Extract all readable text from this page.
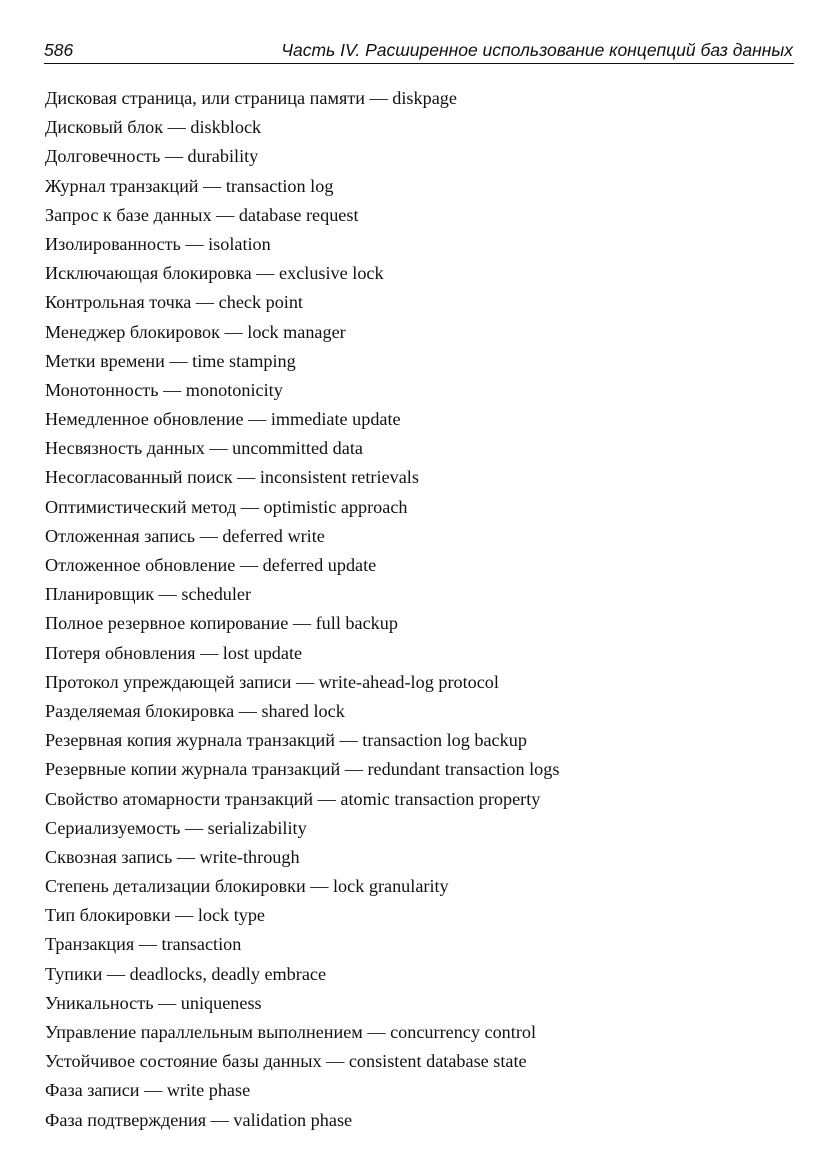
586	Часть IV. Расширенное использование концепций баз данных
Дисковая страница, или страница памяти — diskpage
Дисковый блок — diskblock
Долговечность — durability
Журнал транзакций — transaction log
Запрос к базе данных — database request
Изолированность — isolation
Исключающая блокировка — exclusive lock
Контрольная точка — check point
Менеджер блокировок — lock manager
Метки времени — time stamping
Монотонность — monotonicity
Немедленное обновление — immediate update
Несвязность данных — uncommitted data
Несогласованный поиск — inconsistent retrievals
Оптимистический метод — optimistic approach
Отложенная запись — deferred write
Отложенное обновление — deferred update
Планировщик — scheduler
Полное резервное копирование — full backup
Потеря обновления — lost update
Протокол упреждающей записи — write-ahead-log protocol
Разделяемая блокировка — shared lock
Резервная копия журнала транзакций — transaction log backup
Резервные копии журнала транзакций — redundant transaction logs
Свойство атомарности транзакций — atomic transaction property
Сериализуемость — serializability
Сквозная запись — write-through
Степень детализации блокировки — lock granularity
Тип блокировки — lock type
Транзакция — transaction
Тупики — deadlocks, deadly embrace
Уникальность — uniqueness
Управление параллельным выполнением — concurrency control
Устойчивое состояние базы данных — consistent database state
Фаза записи — write phase
Фаза подтверждения — validation phase
